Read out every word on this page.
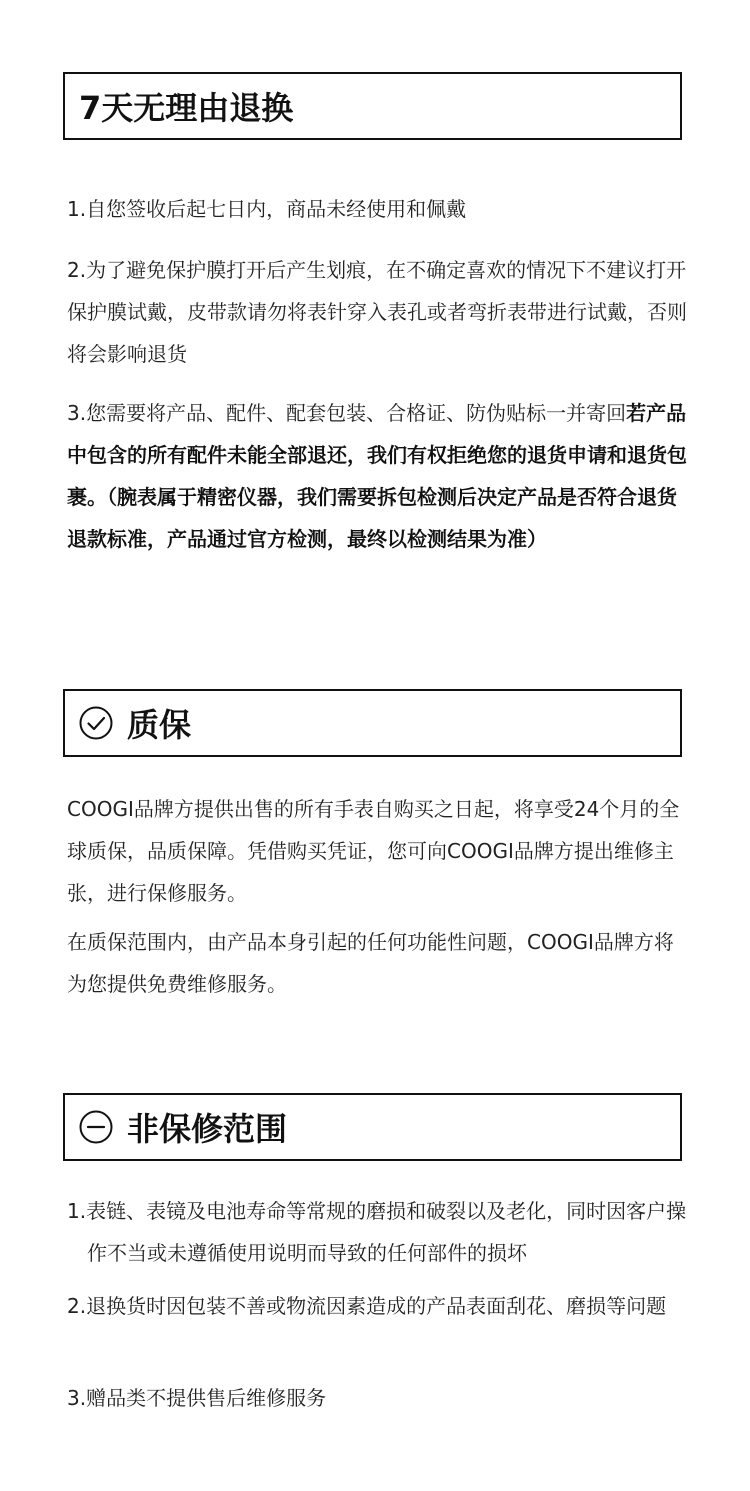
7天无理由退换

1.自您签收后起七日内，商品未经使用和佩戴

2.为了避免保护膜打开后产生划痕，在不确定喜欢的情况下不建议打开保护膜试戴，皮带款请勿将表针穿入表孔或者弯折表带进行试戴，否则将会影响退货

3.您需要将产品、配件、配套包装、合格证、防伪贴标一并寄回若产品中包含的所有配件未能全部退还，我们有权拒绝您的退货申请和退货包裹。（腕表属于精密仪器，我们需要拆包检测后决定产品是否符合退货退款标准，产品通过官方检测，最终以检测结果为准）

质保

COOGI品牌方提供出售的所有手表自购买之日起，将享受24个月的全球质保，品质保障。凭借购买凭证，您可向COOGI品牌方提出维修主张，进行保修服务。

在质保范围内，由产品本身引起的任何功能性问题，COOGI品牌方将为您提供免费维修服务。

非保修范围

1.表链、表镜及电池寿命等常规的磨损和破裂以及老化，同时因客户操作不当或未遵循使用说明而导致的任何部件的损坏

2.退换货时因包装不善或物流因素造成的产品表面刮花、磨损等问题

3.赠品类不提供售后维修服务
